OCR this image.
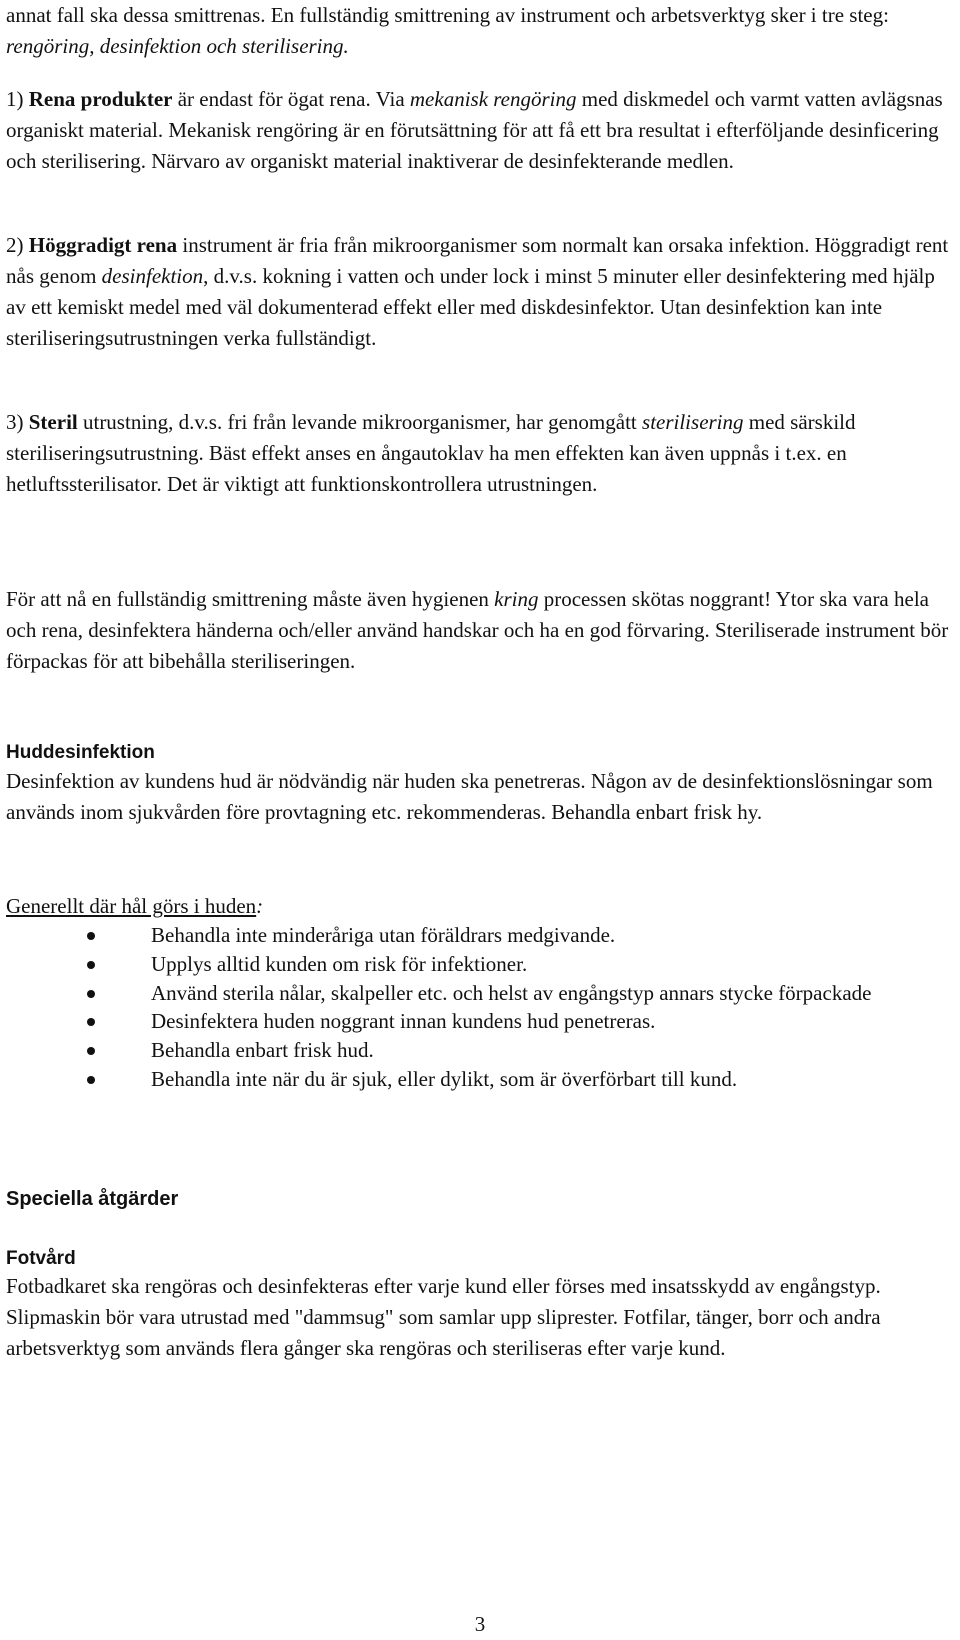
annat fall ska dessa smittrenas. En fullständig smittrening av instrument och arbetsverktyg sker i tre steg: rengöring, desinfektion och sterilisering.

1) Rena produkter är endast för ögat rena. Via mekanisk rengöring med diskmedel och varmt vatten avlägsnas organiskt material. Mekanisk rengöring är en förutsättning för att få ett bra resultat i efterföljande desinficering och sterilisering. Närvaro av organiskt material inaktiverar de desinfekterande medlen.

2) Höggradigt rena instrument är fria från mikroorganismer som normalt kan orsaka infektion. Höggradigt rent nås genom desinfektion, d.v.s. kokning i vatten och under lock i minst 5 minuter eller desinfektering med hjälp av ett kemiskt medel med väl dokumenterad effekt eller med diskdesinfektor. Utan desinfektion kan inte steriliseringsutrustningen verka fullständigt.

3) Steril utrustning, d.v.s. fri från levande mikroorganismer, har genomgått sterilisering med särskild steriliseringsutrustning. Bäst effekt anses en ångautoklav ha men effekten kan även uppnås i t.ex. en hetluftssterilisator. Det är viktigt att funktionskontrollera utrustningen.

För att nå en fullständig smittrening måste även hygienen kring processen skötas noggrant! Ytor ska vara hela och rena, desinfektera händerna och/eller använd handskar och ha en god förvaring. Steriliserade instrument bör förpackas för att bibehålla steriliseringen.

Huddesinfektion

Desinfektion av kundens hud är nödvändig när huden ska penetreras. Någon av de desinfektionslösningar som används inom sjukvården före provtagning etc. rekommenderas. Behandla enbart frisk hy.

Generellt där hål görs i huden:

Behandla inte minderåriga utan föräldrars medgivande.
Upplys alltid kunden om risk för infektioner.
Använd sterila nålar, skalpeller etc. och helst av engångstyp annars stycke förpackade
Desinfektera huden noggrant innan kundens hud penetreras.
Behandla enbart frisk hud.
Behandla inte när du är sjuk, eller dylikt, som är överförbart till kund.
Speciella åtgärder
Fotvård

Fotbadkaret ska rengöras och desinfekteras efter varje kund eller förses med insatsskydd av engångstyp. Slipmaskin bör vara utrustad med "dammsug" som samlar upp sliprester. Fotfilar, tänger, borr och andra arbetsverktyg som används flera gånger ska rengöras och steriliseras efter varje kund.

3
